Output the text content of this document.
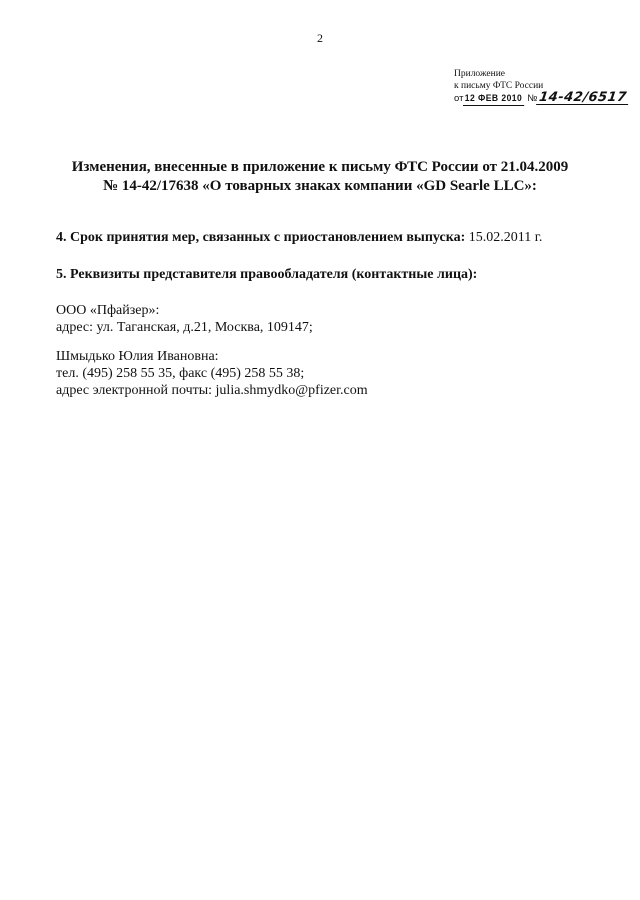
2
Приложение
к письму ФТС России
от 12 ФЕВ 2010 №14-42/6517
Изменения, внесенные в приложение к письму ФТС России от 21.04.2009
№ 14-42/17638 «О товарных знаках компании «GD Searle LLC»:
4. Срок принятия мер, связанных с приостановлением выпуска: 15.02.2011 г.
5. Реквизиты представителя правообладателя (контактные лица):
ООО «Пфайзер»:
адрес: ул. Таганская, д.21, Москва, 109147;
Шмыдько Юлия Ивановна:
тел. (495) 258 55 35, факс (495) 258 55 38;
адрес электронной почты: julia.shmydko@pfizer.com
